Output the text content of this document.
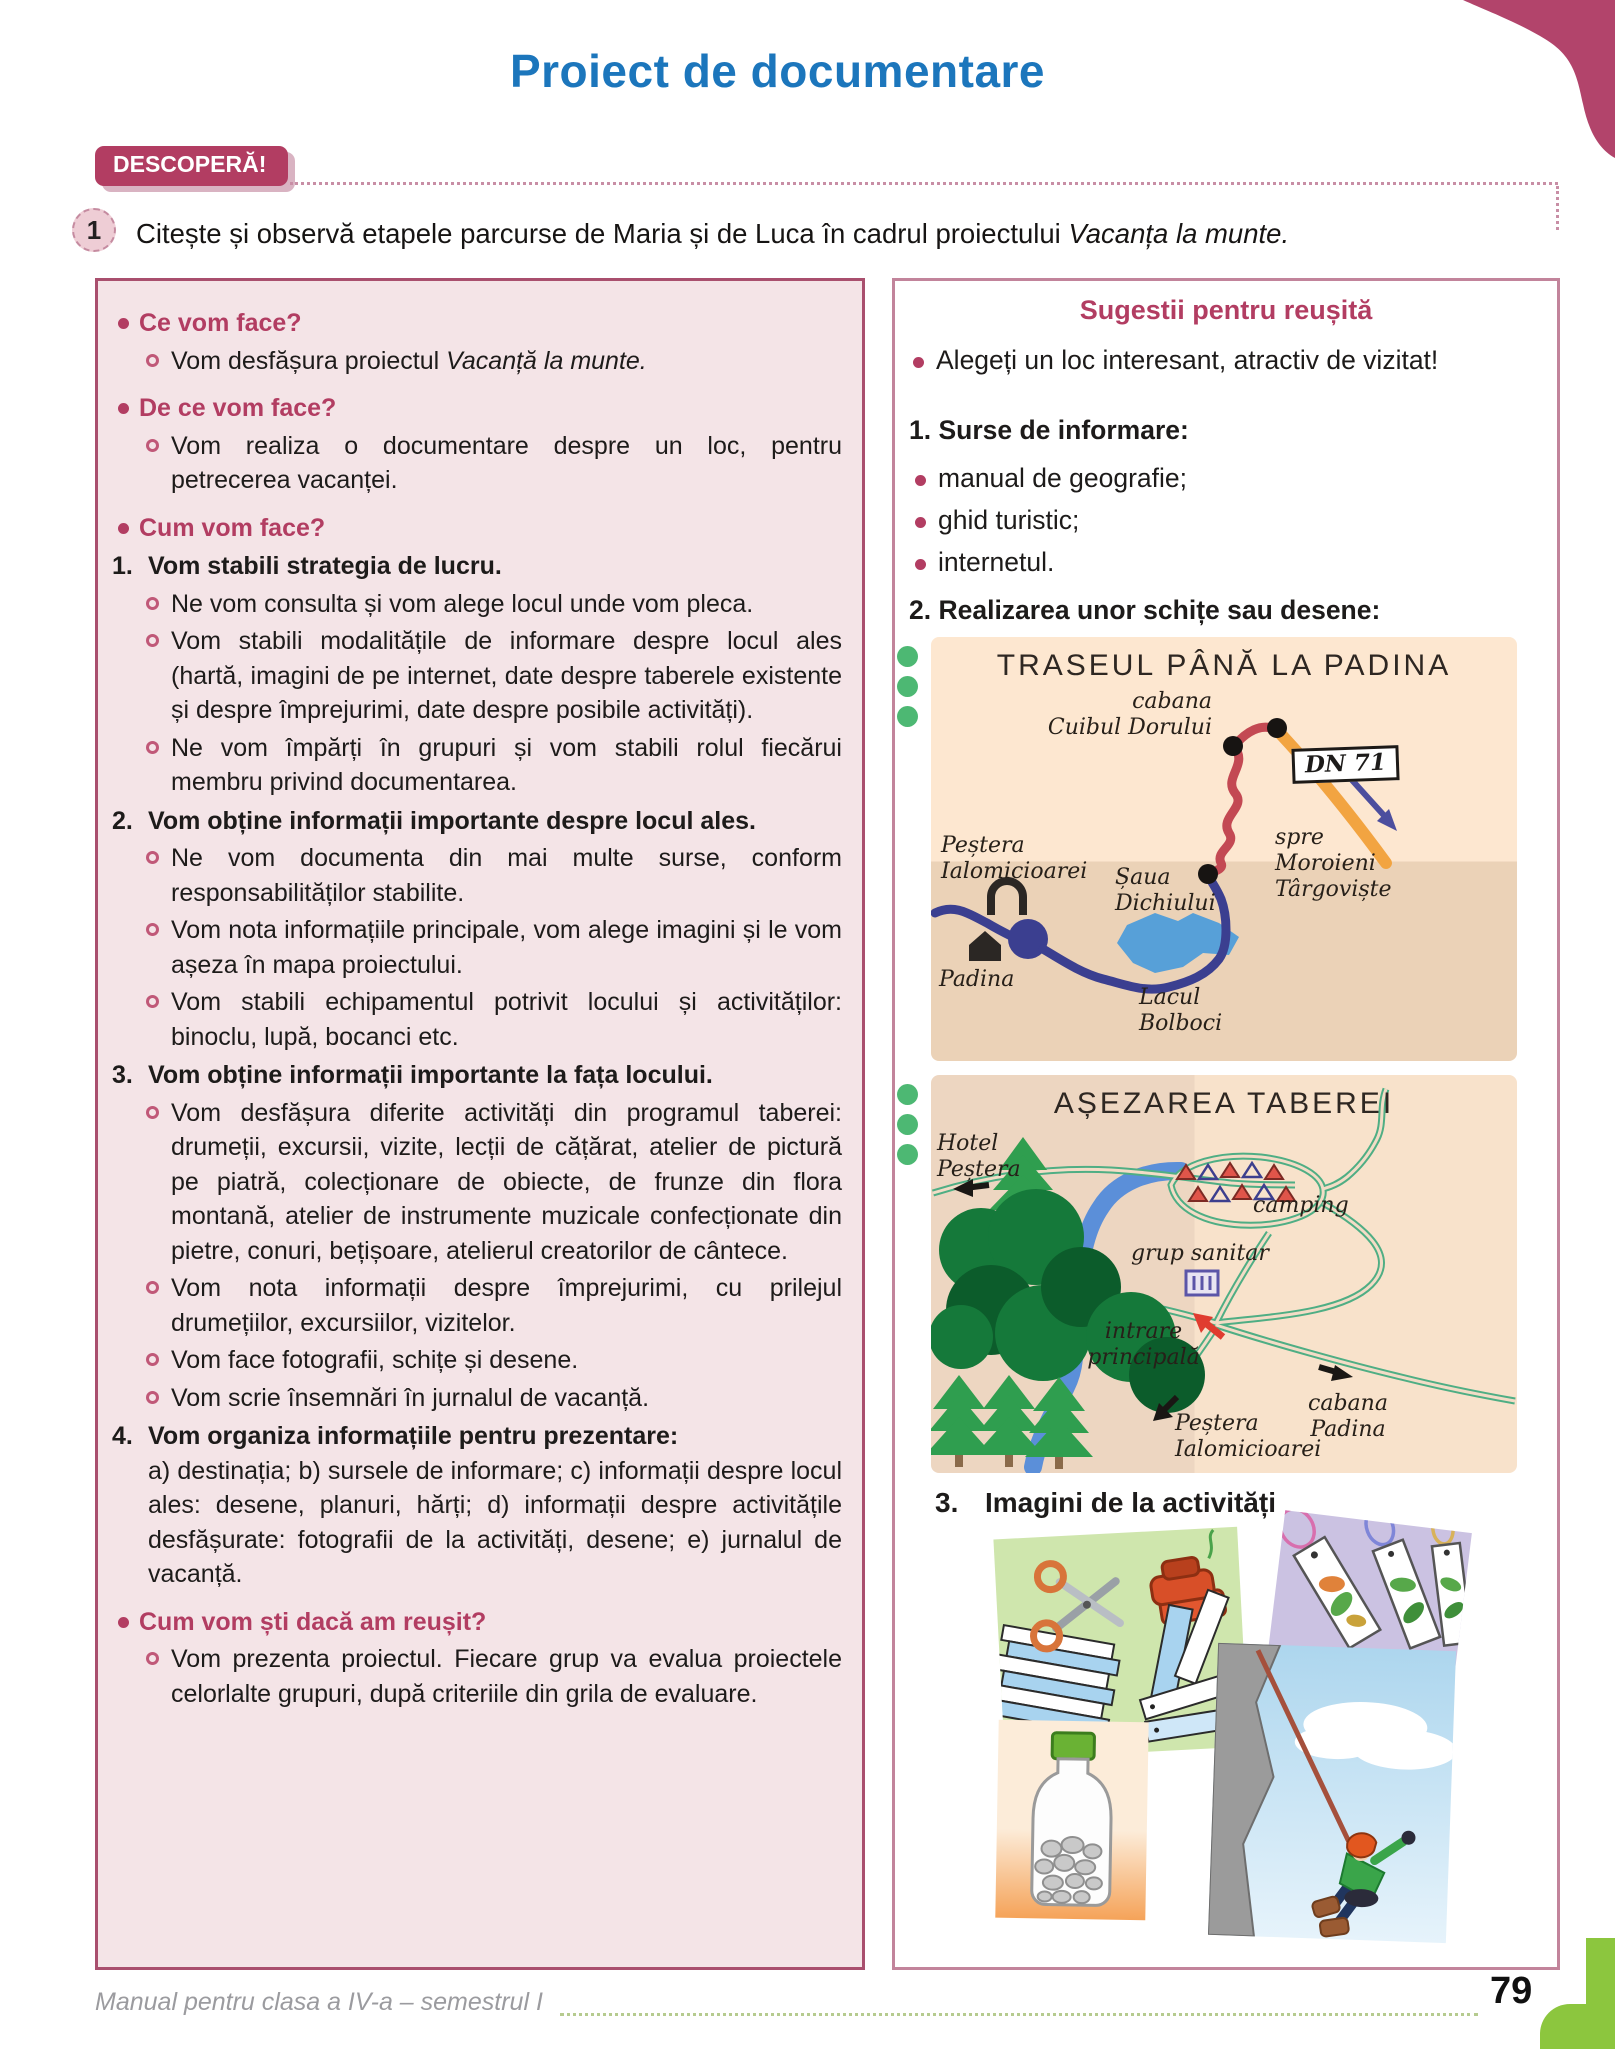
Proiect de documentare
DESCOPERĂ!
1	Citește și observă etapele parcurse de Maria și de Luca în cadrul proiectului Vacanța la munte.
Ce vom face?
Vom desfășura proiectul Vacanță la munte.
De ce vom face?
Vom realiza o documentare despre un loc, pentru petrecerea vacanței.
Cum vom face?
1. Vom stabili strategia de lucru.
Ne vom consulta și vom alege locul unde vom pleca.
Vom stabili modalitățile de informare despre locul ales (hartă, imagini de pe internet, date despre taberele existente și despre împrejurimi, date despre posibile activități).
Ne vom împărți în grupuri și vom stabili rolul fiecărui membru privind documentarea.
2. Vom obține informații importante despre locul ales.
Ne vom documenta din mai multe surse, conform responsabilităților stabilite.
Vom nota informațiile principale, vom alege imagini și le vom așeza în mapa proiectului.
Vom stabili echipamentul potrivit locului și activităților: binoclu, lupă, bocanci etc.
3. Vom obține informații importante la fața locului.
Vom desfășura diferite activități din programul taberei: drumeții, excursii, vizite, lecții de cățărat, atelier de pictură pe piatră, colecționare de obiecte, de frunze din flora montană, atelier de instrumente muzicale confecționate din pietre, conuri, bețișoare, atelierul creatorilor de cântece.
Vom nota informații despre împrejurimi, cu prilejul drumețiilor, excursiilor, vizitelor.
Vom face fotografii, schițe și desene.
Vom scrie însemnări în jurnalul de vacanță.
4. Vom organiza informațiile pentru prezentare:
a) destinația; b) sursele de informare; c) informații despre locul ales: desene, planuri, hărți; d) informații despre activitățile desfășurate: fotografii de la activități, desene; e) jurnalul de vacanță.
Cum vom ști dacă am reușit?
Vom prezenta proiectul. Fiecare grup va evalua proiectele celorlalte grupuri, după criteriile din grila de evaluare.
Sugestii pentru reușită
Alegeți un loc interesant, atractiv de vizitat!
1. Surse de informare:
manual de geografie;
ghid turistic;
internetul.
2. Realizarea unor schițe sau desene:
TRASEUL PÂNĂ LA PADINA
cabana
Cuibul Dorului
DN 71
spre
Moroieni
Târgoviște
Peștera
Ialomicioarei Șaua
Dichiului
Padina
Lacul
Bolboci
AȘEZAREA TABEREI
Hotel
Peștera
camping
grup sanitar
intrare
principală
Peștera
Ialomicioarei
cabana
Padina
3. Imagini de la activități
Manual pentru clasa a IV-a – semestrul I	79
